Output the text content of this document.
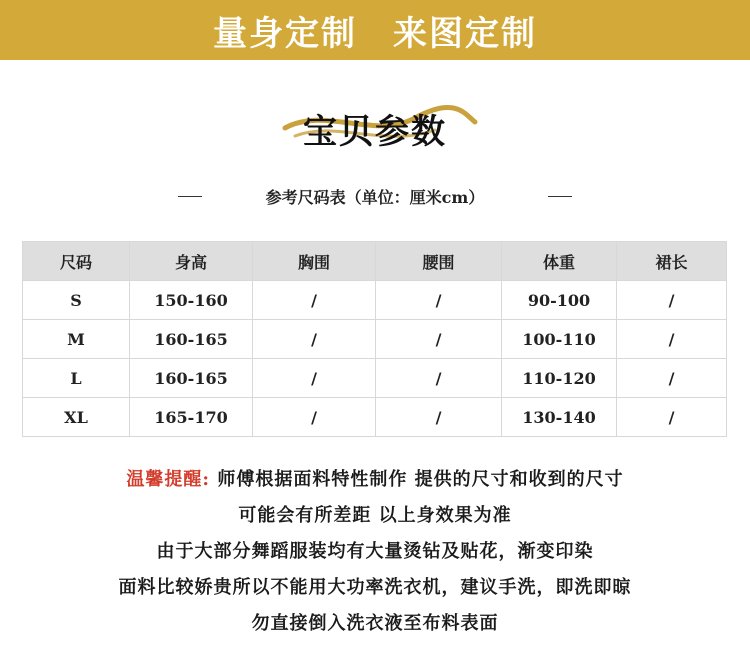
量身定制 来图定制
宝贝参数
参考尺码表（单位：厘米cm）
尺码	身高	胸围	腰围	体重	裙长
S	150-160	/	/	90-100	/
M	160-165	/	/	100-110	/
L	160-165	/	/	110-120	/
XL	165-170	/	/	130-140	/
温馨提醒: 师傅根据面料特性制作 提供的尺寸和收到的尺寸
可能会有所差距 以上身效果为准
由于大部分舞蹈服装均有大量烫钻及贴花，渐变印染
面料比较娇贵所以不能用大功率洗衣机，建议手洗，即洗即晾
勿直接倒入洗衣液至布料表面
